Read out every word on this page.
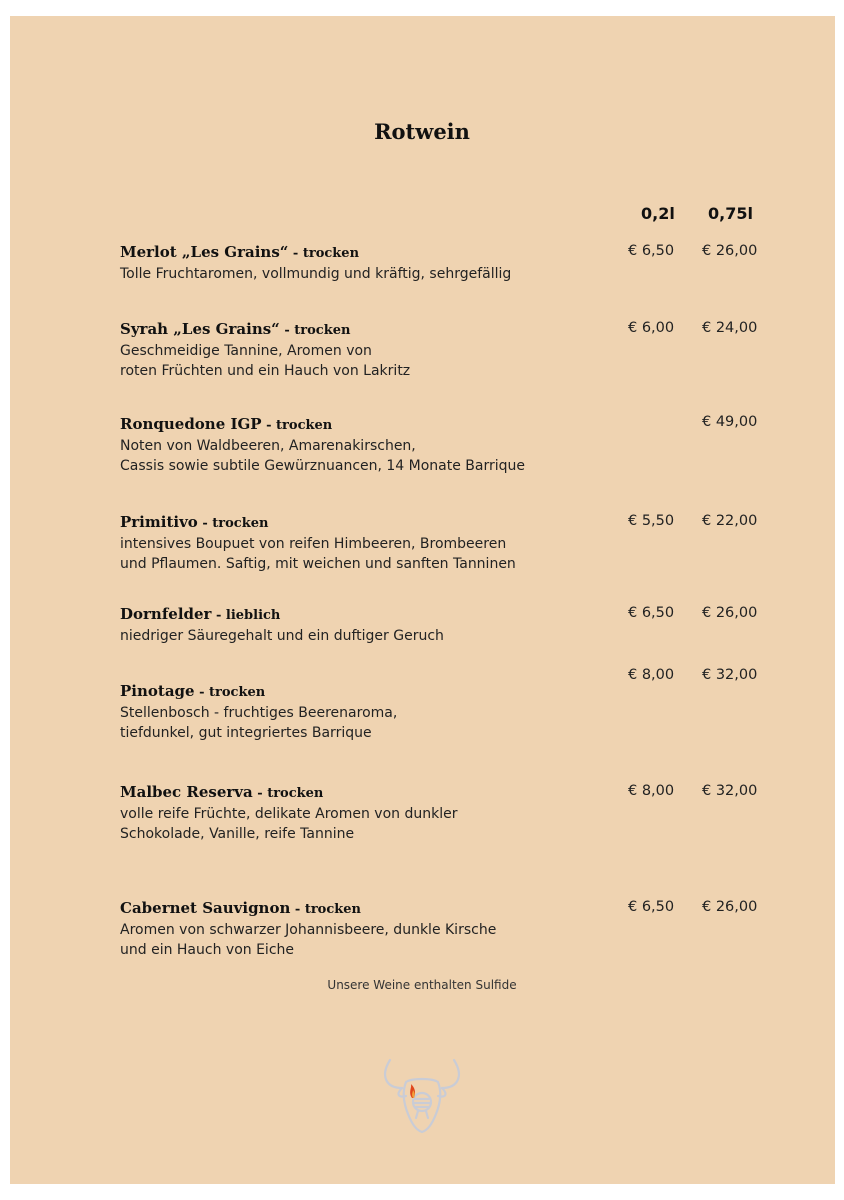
Rotwein
0,2l 0,75l
Merlot „Les Grains“ - trocken
Tolle Fruchtaromen, vollmundig und kräftig, sehrgefällig
€ 6,50 € 26,00
Syrah „Les Grains“ - trocken
Geschmeidige Tannine, Aromen von
roten Früchten und ein Hauch von Lakritz
€ 6,00 € 24,00
Ronquedone IGP - trocken
Noten von Waldbeeren, Amarenakirschen,
Cassis sowie subtile Gewürznuancen, 14 Monate Barrique
€ 49,00
Primitivo - trocken
intensives Boupuet von reifen Himbeeren, Brombeeren
und Pflaumen. Saftig, mit weichen und sanften Tanninen
€ 5,50 € 22,00
Dornfelder - lieblich
niedriger Säuregehalt und ein duftiger Geruch
€ 6,50 € 26,00
Pinotage - trocken
Stellenbosch - fruchtiges Beerenaroma,
tiefdunkel, gut integriertes Barrique
€ 8,00 € 32,00
Malbec Reserva - trocken
volle reife Früchte, delikate Aromen von dunkler
Schokolade, Vanille, reife Tannine
€ 8,00 € 32,00
Cabernet Sauvignon - trocken
Aromen von schwarzer Johannisbeere, dunkle Kirsche
und ein Hauch von Eiche
€ 6,50 € 26,00
Unsere Weine enthalten Sulfide
